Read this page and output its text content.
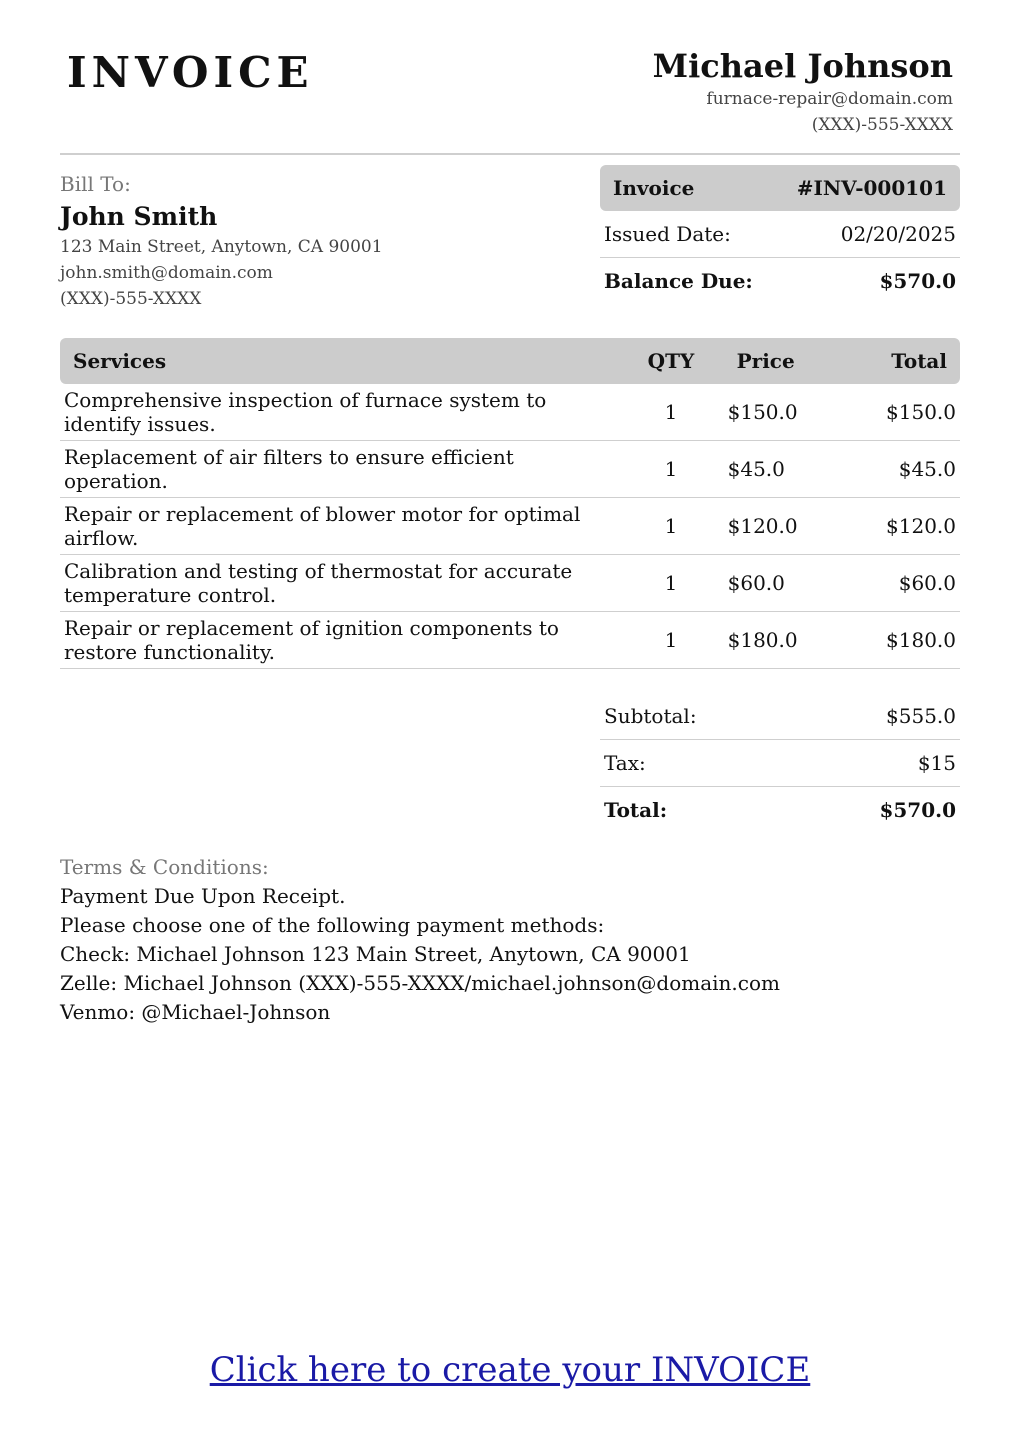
INVOICE	Michael Johnson
furnace-repair@domain.com
(XXX)-555-XXXX
Bill To:
John Smith
123 Main Street, Anytown, CA 90001
john.smith@domain.com
(XXX)-555-XXXX
Invoice	#INV-000101
Issued Date:	02/20/2025
Balance Due:	$570.0
Services	QTY	Price	Total
Comprehensive inspection of furnace system to identify issues.	1	$150.0	$150.0
Replacement of air filters to ensure efficient operation.	1	$45.0	$45.0
Repair or replacement of blower motor for optimal airflow.	1	$120.0	$120.0
Calibration and testing of thermostat for accurate temperature control.	1	$60.0	$60.0
Repair or replacement of ignition components to restore functionality.	1	$180.0	$180.0
Subtotal:	$555.0
Tax:	$15
Total:	$570.0
Terms & Conditions:
Payment Due Upon Receipt.
Please choose one of the following payment methods:
Check: Michael Johnson 123 Main Street, Anytown, CA 90001
Zelle: Michael Johnson (XXX)-555-XXXX/michael.johnson@domain.com
Venmo: @Michael-Johnson
Click here to create your INVOICE
